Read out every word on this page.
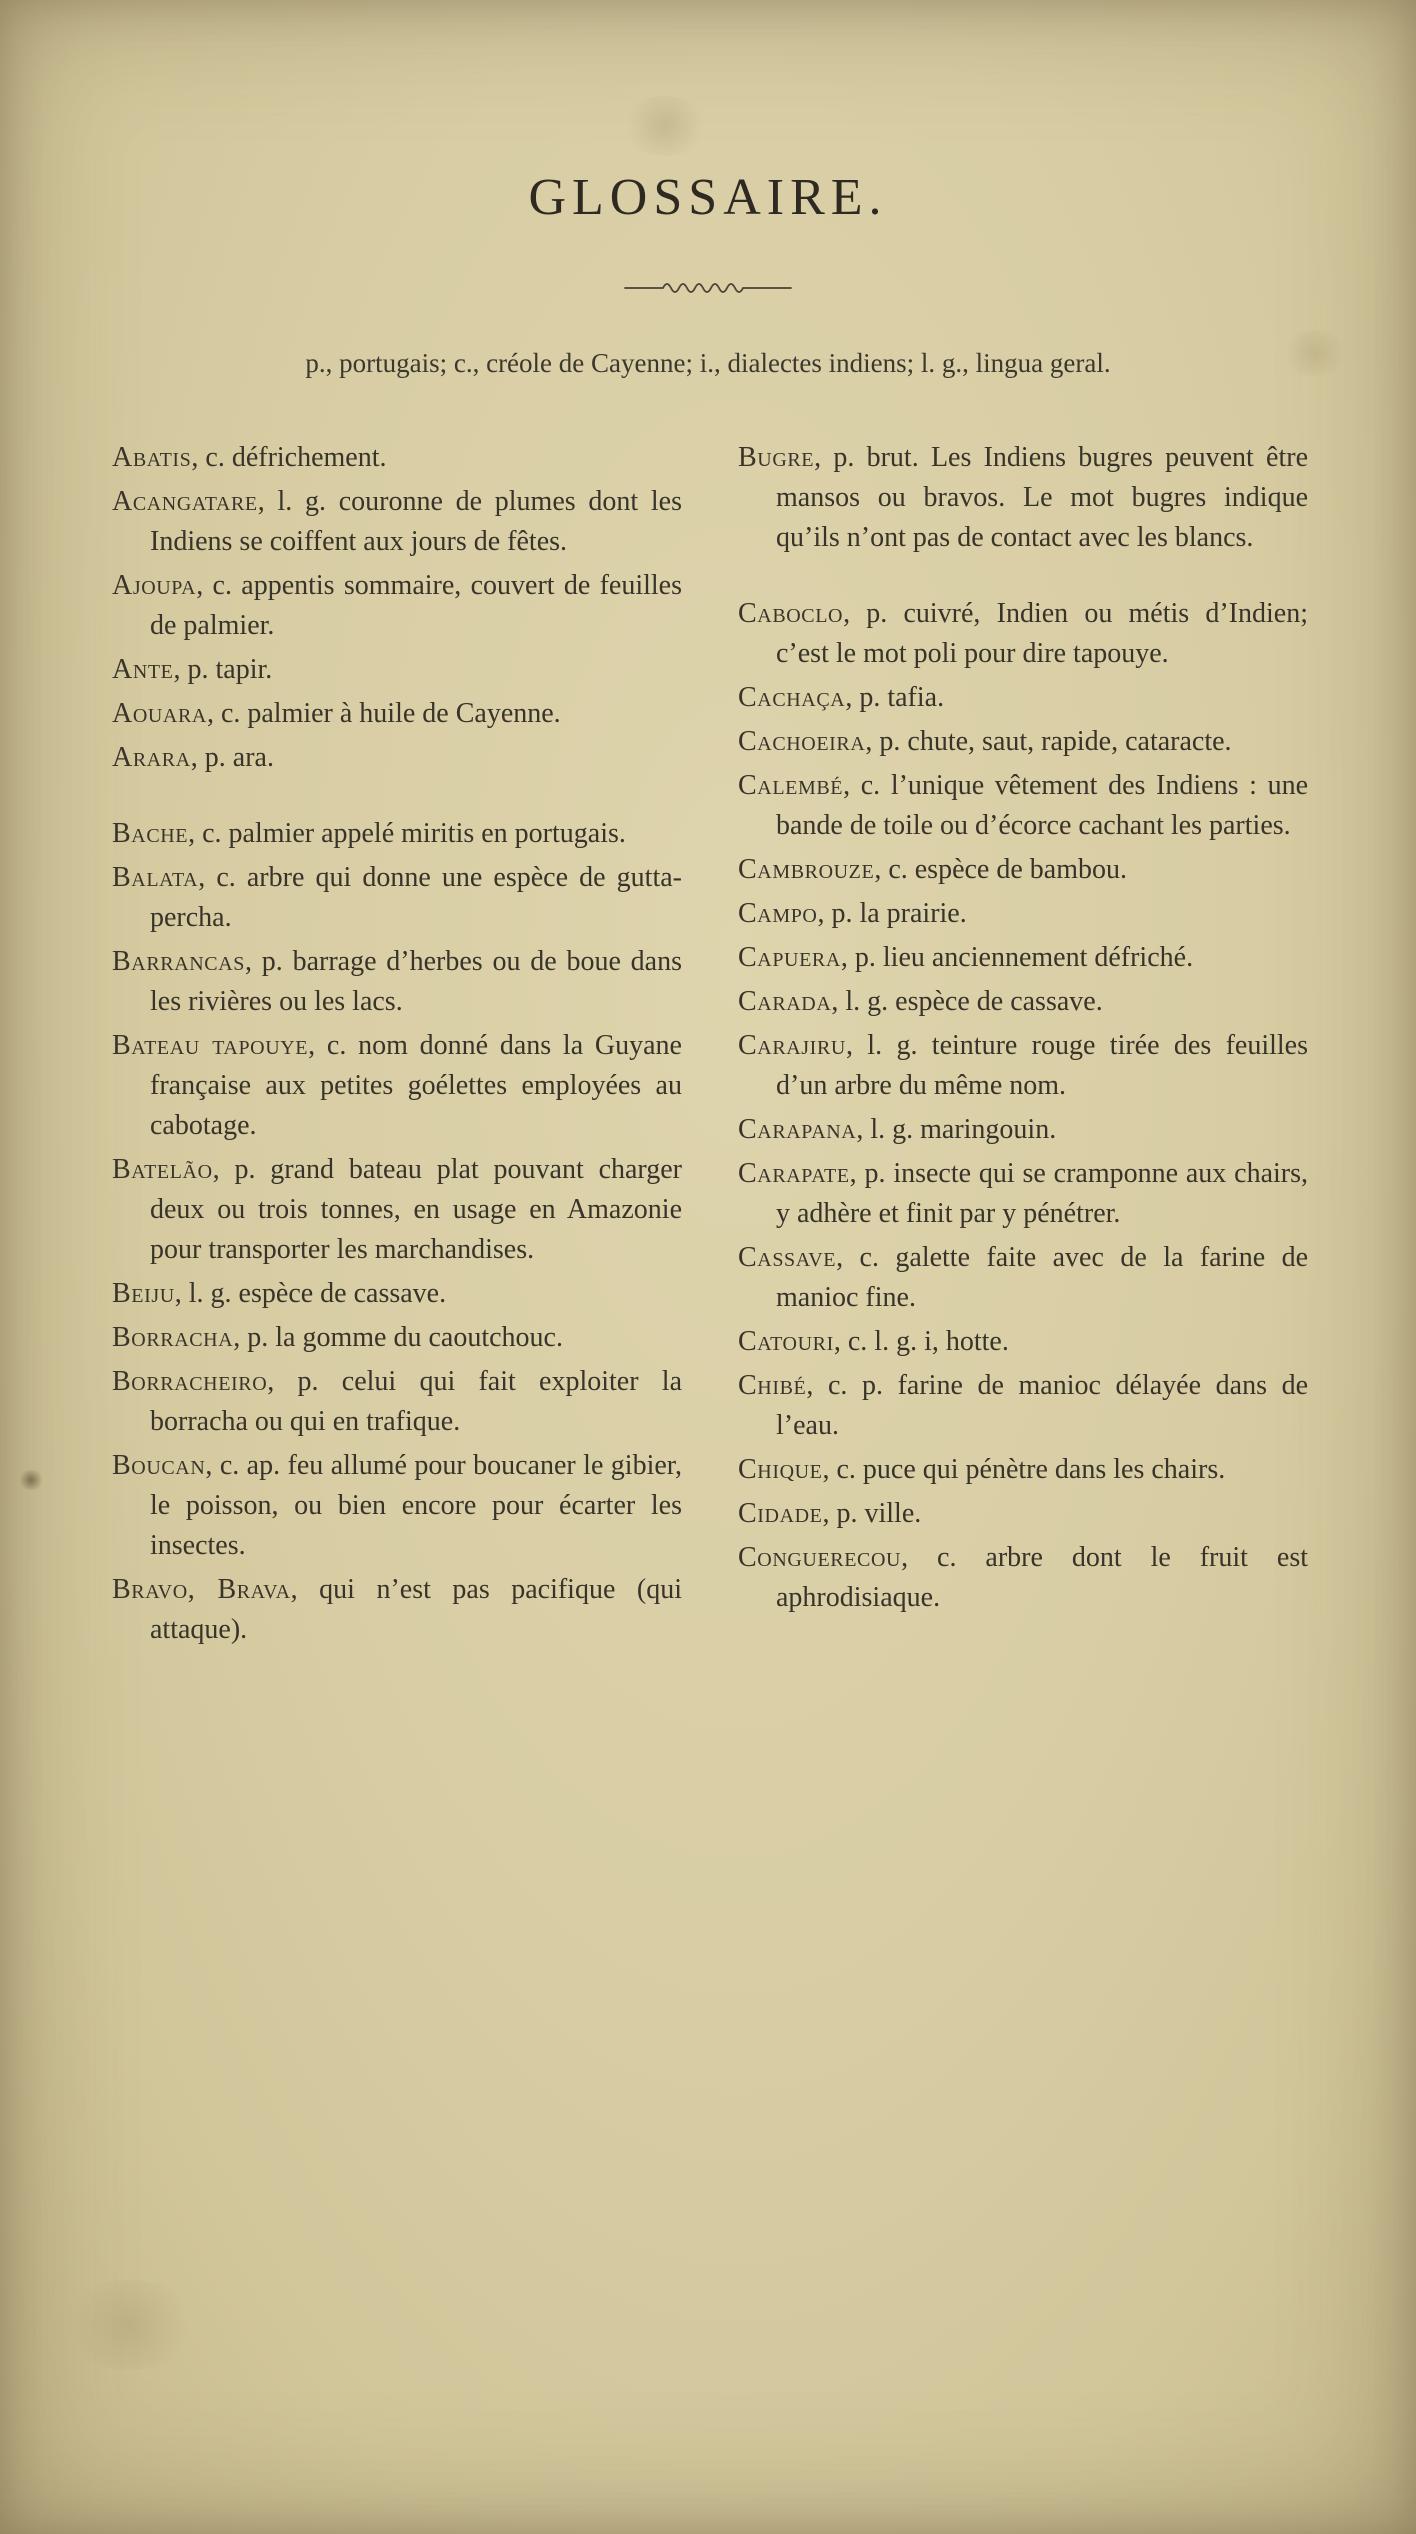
GLOSSAIRE.

p., portugais; c., créole de Cayenne; i., dialectes indiens; l. g., lingua geral.

Abatis, c. défrichement.

Acangatare, l. g. couronne de plumes dont les Indiens se coiffent aux jours de fêtes.

Ajoupa, c. appentis sommaire, couvert de feuilles de palmier.

Ante, p. tapir.

Aouara, c. palmier à huile de Cayenne.

Arara, p. ara.

Bache, c. palmier appelé miritis en portugais.

Balata, c. arbre qui donne une espèce de gutta-percha.

Barrancas, p. barrage d’herbes ou de boue dans les rivières ou les lacs.

Bateau tapouye, c. nom donné dans la Guyane française aux petites goélettes employées au cabotage.

Batelão, p. grand bateau plat pouvant charger deux ou trois tonnes, en usage en Amazonie pour transporter les marchandises.

Beiju, l. g. espèce de cassave.

Borracha, p. la gomme du caoutchouc.

Borracheiro, p. celui qui fait exploiter la borracha ou qui en trafique.

Boucan, c. ap. feu allumé pour boucaner le gibier, le poisson, ou bien encore pour écarter les insectes.

Bravo, Brava, qui n’est pas pacifique (qui attaque).

Bugre, p. brut. Les Indiens bugres peuvent être mansos ou bravos. Le mot bugres indique qu’ils n’ont pas de contact avec les blancs.

Caboclo, p. cuivré, Indien ou métis d’Indien; c’est le mot poli pour dire tapouye.

Cachaça, p. tafia.

Cachoeira, p. chute, saut, rapide, cataracte.

Calembé, c. l’unique vêtement des Indiens : une bande de toile ou d’écorce cachant les parties.

Cambrouze, c. espèce de bambou.

Campo, p. la prairie.

Capuera, p. lieu anciennement défriché.

Carada, l. g. espèce de cassave.

Carajiru, l. g. teinture rouge tirée des feuilles d’un arbre du même nom.

Carapana, l. g. maringouin.

Carapate, p. insecte qui se cramponne aux chairs, y adhère et finit par y pénétrer.

Cassave, c. galette faite avec de la farine de manioc fine.

Catouri, c. l. g. i, hotte.

Chibé, c. p. farine de manioc délayée dans de l’eau.

Chique, c. puce qui pénètre dans les chairs.

Cidade, p. ville.

Conguerecou, c. arbre dont le fruit est aphrodisiaque.
